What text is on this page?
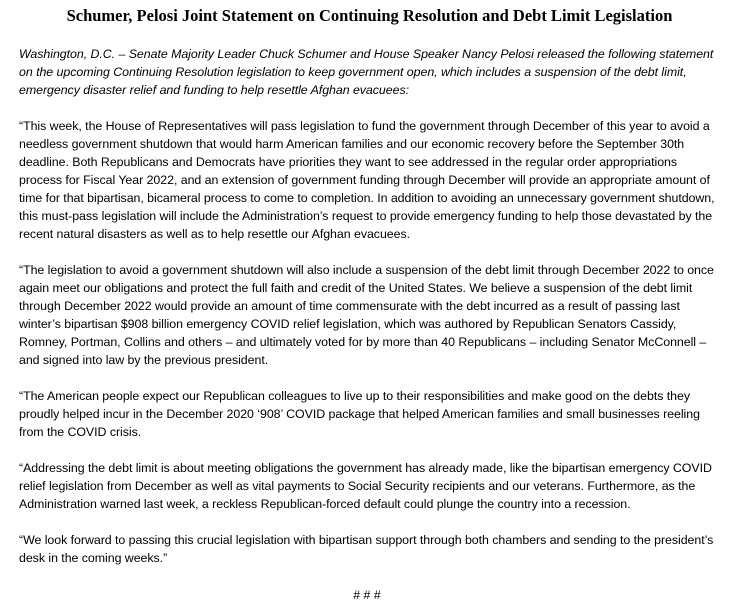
Schumer, Pelosi Joint Statement on Continuing Resolution and Debt Limit Legislation

Washington, D.C. – Senate Majority Leader Chuck Schumer and House Speaker Nancy Pelosi released the following statement on the upcoming Continuing Resolution legislation to keep government open, which includes a suspension of the debt limit, emergency disaster relief and funding to help resettle Afghan evacuees:

“This week, the House of Representatives will pass legislation to fund the government through December of this year to avoid a needless government shutdown that would harm American families and our economic recovery before the September 30th deadline. Both Republicans and Democrats have priorities they want to see addressed in the regular order appropriations process for Fiscal Year 2022, and an extension of government funding through December will provide an appropriate amount of time for that bipartisan, bicameral process to come to completion. In addition to avoiding an unnecessary government shutdown, this must-pass legislation will include the Administration’s request to provide emergency funding to help those devastated by the recent natural disasters as well as to help resettle our Afghan evacuees.

“The legislation to avoid a government shutdown will also include a suspension of the debt limit through December 2022 to once again meet our obligations and protect the full faith and credit of the United States. We believe a suspension of the debt limit through December 2022 would provide an amount of time commensurate with the debt incurred as a result of passing last winter’s bipartisan $908 billion emergency COVID relief legislation, which was authored by Republican Senators Cassidy, Romney, Portman, Collins and others – and ultimately voted for by more than 40 Republicans – including Senator McConnell – and signed into law by the previous president.

“The American people expect our Republican colleagues to live up to their responsibilities and make good on the debts they proudly helped incur in the December 2020 ‘908’ COVID package that helped American families and small businesses reeling from the COVID crisis.

“Addressing the debt limit is about meeting obligations the government has already made, like the bipartisan emergency COVID relief legislation from December as well as vital payments to Social Security recipients and our veterans. Furthermore, as the Administration warned last week, a reckless Republican-forced default could plunge the country into a recession.

“We look forward to passing this crucial legislation with bipartisan support through both chambers and sending to the president’s desk in the coming weeks.”

# # #
